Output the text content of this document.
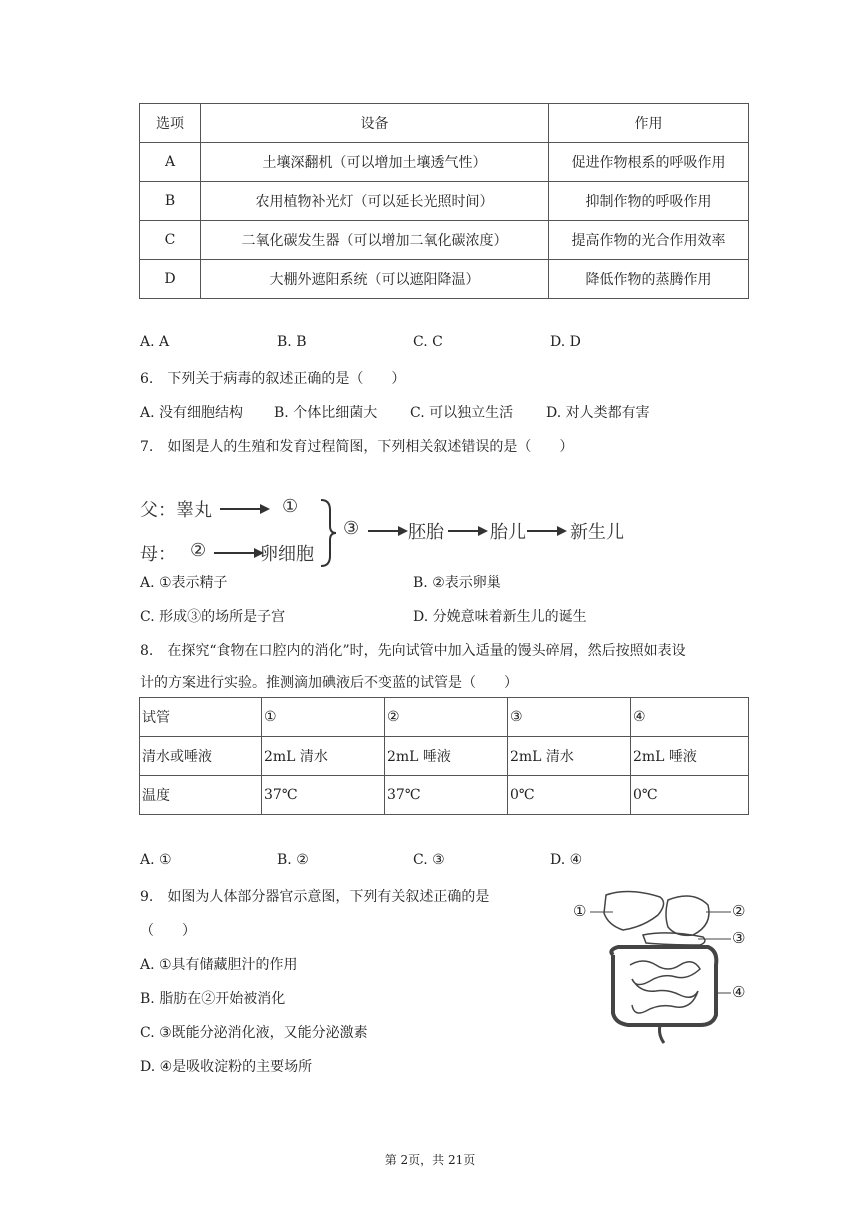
选项	设备	作用
A	土壤深翻机（可以增加土壤透气性）	促进作物根系的呼吸作用
B	农用植物补光灯（可以延长光照时间）	抑制作物的呼吸作用
C	二氧化碳发生器（可以增加二氧化碳浓度）	提高作物的光合作用效率
D	大棚外遮阳系统（可以遮阳降温）	降低作物的蒸腾作用
A. A	B. B	C. C	D. D
6.　下列关于病毒的叙述正确的是（　　）
A. 没有细胞结构 B. 个体比细菌大 C. 可以独立生活 D. 对人类都有害
7.　如图是人的生殖和发育过程简图，下列相关叙述错误的是（　　）
父：睾丸	①
母： ②	卵细胞
③	胚胎	胎儿 新生儿
A. ①表示精子	B. ②表示卵巢
C. 形成③的场所是子宫	D. 分娩意味着新生儿的诞生
8.　在探究“食物在口腔内的消化”时，先向试管中加入适量的馒头碎屑，然后按照如表设
计的方案进行实验。推测滴加碘液后不变蓝的试管是（　　）
试管	①	②	③	④
清水或唾液	2mL 清水	2mL 唾液	2mL 清水	2mL 唾液
温度	37℃	37℃	0℃	0℃
A. ①	B. ②	C. ③	D. ④
9.　如图为人体部分器官示意图，下列有关叙述正确的是
（　　）
A. ①具有储藏胆汁的作用
B. 脂肪在②开始被消化
C. ③既能分泌消化液，又能分泌激素
D. ④是吸收淀粉的主要场所
①	②
③
④
第 2页，共 21页
